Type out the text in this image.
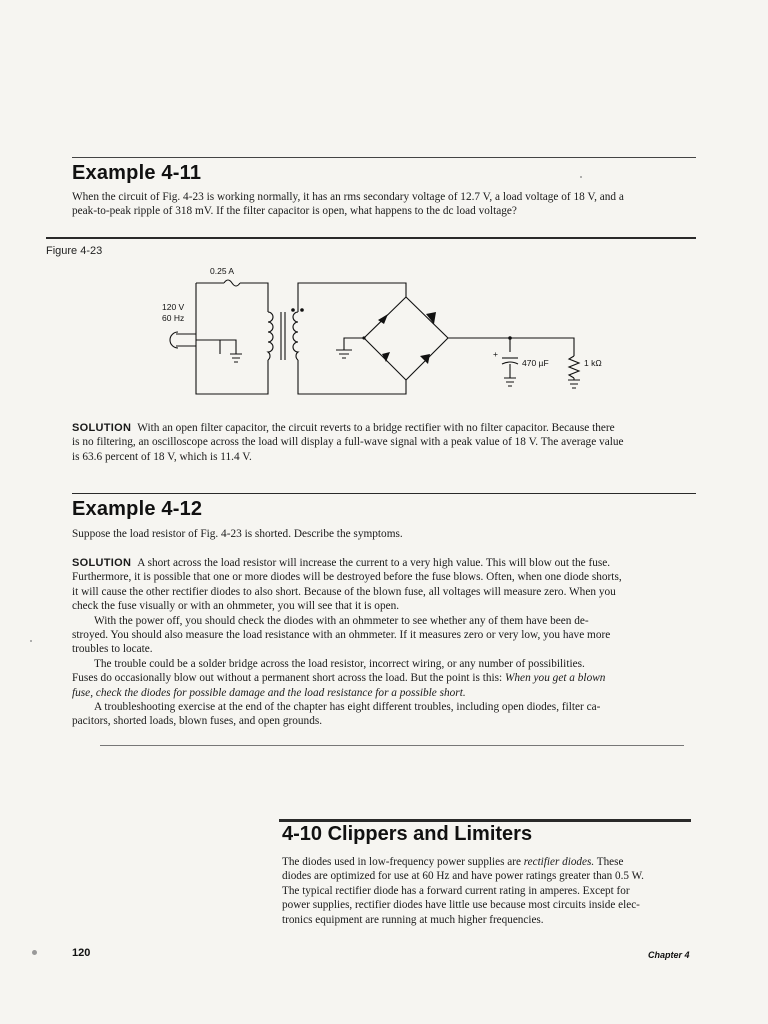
Example 4-11

When the circuit of Fig. 4-23 is working normally, it has an rms secondary voltage of 12.7 V, a load voltage of 18 V, and a

peak-to-peak ripple of 318 mV. If the filter capacitor is open, what happens to the dc load voltage?

Figure 4-23
0.25 A
120 V
60 Hz
+
470 µF	1 kΩ

SOLUTION With an open filter capacitor, the circuit reverts to a bridge rectifier with no filter capacitor. Because there

is no filtering, an oscilloscope across the load will display a full-wave signal with a peak value of 18 V. The average value

is 63.6 percent of 18 V, which is 11.4 V.

Example 4-12
Suppose the load resistor of Fig. 4-23 is shorted. Describe the symptoms.

SOLUTION A short across the load resistor will increase the current to a very high value. This will blow out the fuse.

Furthermore, it is possible that one or more diodes will be destroyed before the fuse blows. Often, when one diode shorts,

it will cause the other rectifier diodes to also short. Because of the blown fuse, all voltages will measure zero. When you

check the fuse visually or with an ohmmeter, you will see that it is open.

With the power off, you should check the diodes with an ohmmeter to see whether any of them have been de-

stroyed. You should also measure the load resistance with an ohmmeter. If it measures zero or very low, you have more

troubles to locate.

The trouble could be a solder bridge across the load resistor, incorrect wiring, or any number of possibilities.

Fuses do occasionally blow out without a permanent short across the load. But the point is this: When you get a blown

fuse, check the diodes for possible damage and the load resistance for a possible short.

A troubleshooting exercise at the end of the chapter has eight different troubles, including open diodes, filter ca-

pacitors, shorted loads, blown fuses, and open grounds.

4-10 Clippers and Limiters

The diodes used in low-frequency power supplies are rectifier diodes. These

diodes are optimized for use at 60 Hz and have power ratings greater than 0.5 W.

The typical rectifier diode has a forward current rating in amperes. Except for

power supplies, rectifier diodes have little use because most circuits inside elec-

tronics equipment are running at much higher frequencies.

120	Chapter 4
